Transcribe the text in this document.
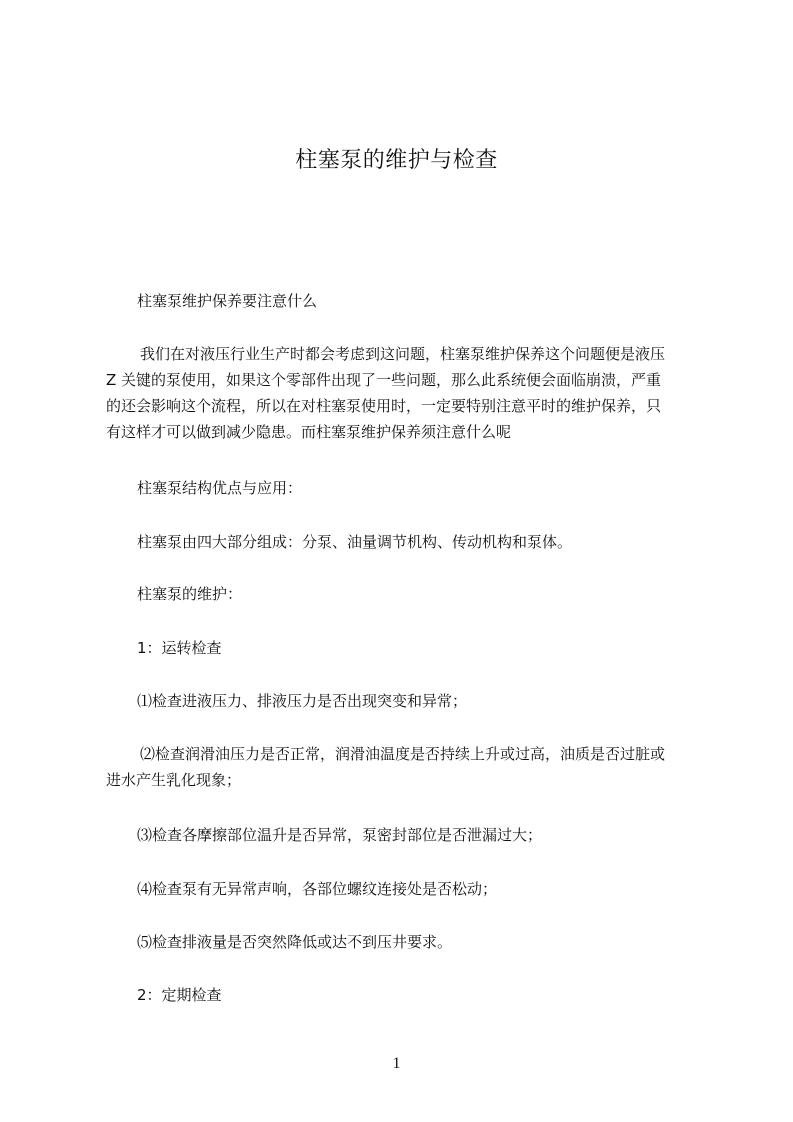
柱塞泵的维护与检查
柱塞泵维护保养要注意什么
我们在对液压行业生产时都会考虑到这问题，柱塞泵维护保养这个问题便是液压
Z 关键的泵使用，如果这个零部件出现了一些问题，那么此系统便会面临崩溃，严重
的还会影响这个流程，所以在对柱塞泵使用时，一定要特别注意平时的维护保养，只
有这样才可以做到减少隐患。而柱塞泵维护保养须注意什么呢
柱塞泵结构优点与应用：
柱塞泵由四大部分组成：分泵、油量调节机构、传动机构和泵体。
柱塞泵的维护：
1：运转检查
⑴检查进液压力、排液压力是否出现突变和异常；
⑵检查润滑油压力是否正常，润滑油温度是否持续上升或过高，油质是否过脏或
进水产生乳化现象；
⑶检查各摩擦部位温升是否异常，泵密封部位是否泄漏过大；
⑷检查泵有无异常声响，各部位螺纹连接处是否松动；
⑸检查排液量是否突然降低或达不到压井要求。
2：定期检查
1
